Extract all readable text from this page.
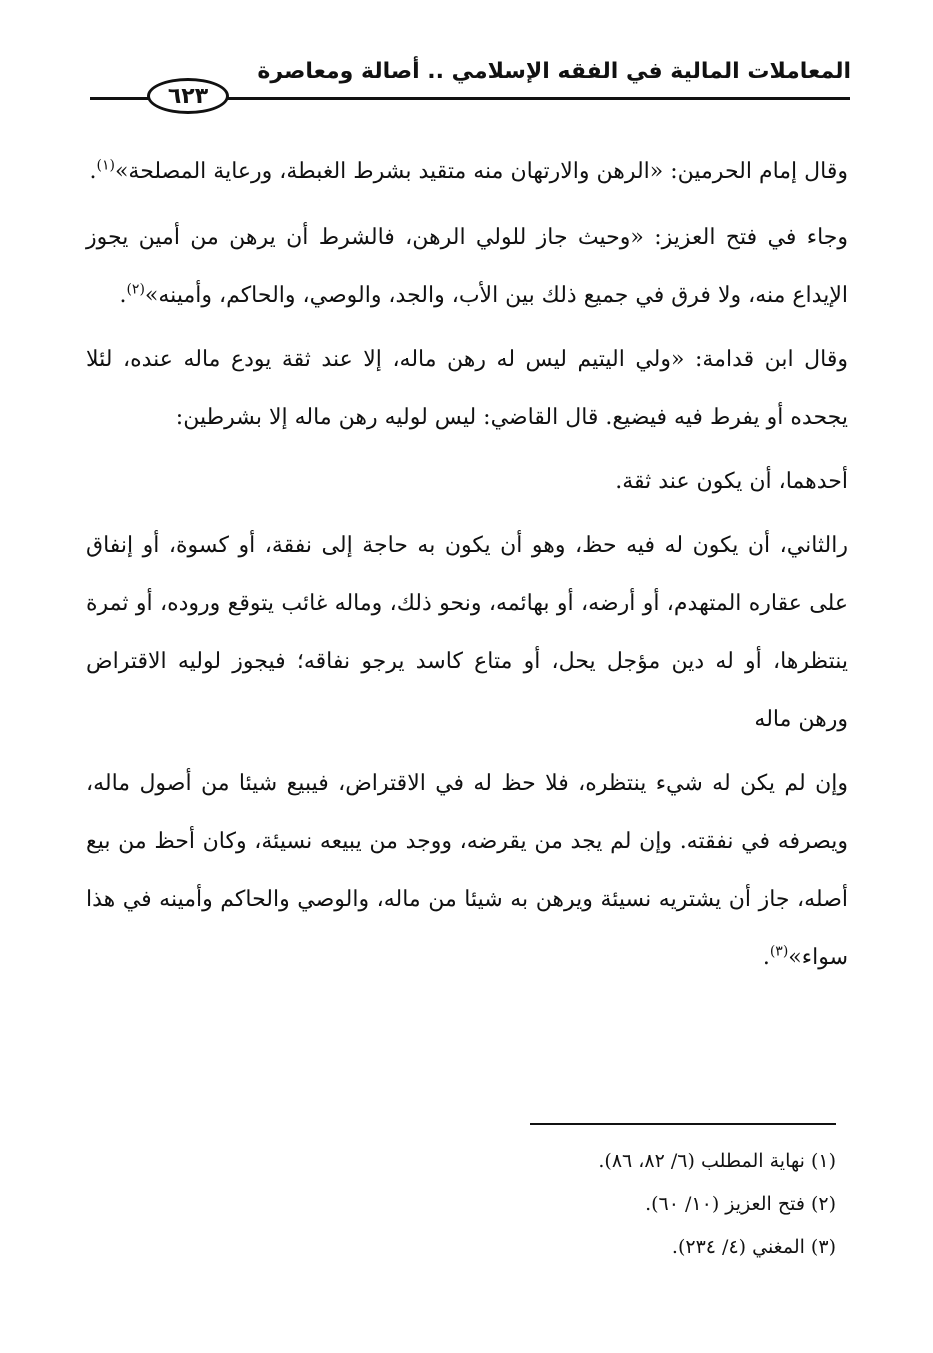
المعاملات المالية في الفقه الإسلامي .. أصالة ومعاصرة
٦٢٣

وقال إمام الحرمين: «الرهن والارتهان منه متقيد بشرط الغبطة، ورعاية المصلحة»$^{(١)}$.

وجاء في فتح العزيز: «وحيث جاز للولي الرهن، فالشرط أن يرهن من أمين يجوز الإيداع منه، ولا فرق في جميع ذلك بين الأب، والجد، والوصي، والحاكم، وأمينه»$^{(٢)}$.

وقال ابن قدامة: «ولي اليتيم ليس له رهن ماله، إلا عند ثقة يودع ماله عنده، لئلا يجحده أو يفرط فيه فيضيع. قال القاضي: ليس لوليه رهن ماله إلا بشرطين:

أحدهما، أن يكون عند ثقة.

رالثاني، أن يكون له فيه حظ، وهو أن يكون به حاجة إلى نفقة، أو كسوة، أو إنفاق على عقاره المتهدم، أو أرضه، أو بهائمه، ونحو ذلك، وماله غائب يتوقع وروده، أو ثمرة ينتظرها، أو له دين مؤجل يحل، أو متاع كاسد يرجو نفاقه؛ فيجوز لوليه الاقتراض ورهن ماله

وإن لم يكن له شيء ينتظره، فلا حظ له في الاقتراض، فيبيع شيئا من أصول ماله، ويصرفه في نفقته. وإن لم يجد من يقرضه، ووجد من يبيعه نسيئة، وكان أحظ من بيع أصله، جاز أن يشتريه نسيئة ويرهن به شيئا من ماله، والوصي والحاكم وأمينه في هذا سواء»$^{(٣)}$.

(١) نهاية المطلب (٦/ ٨٢، ٨٦).
(٢) فتح العزيز (١٠/ ٦٠).
(٣) المغني (٤/ ٢٣٤).
